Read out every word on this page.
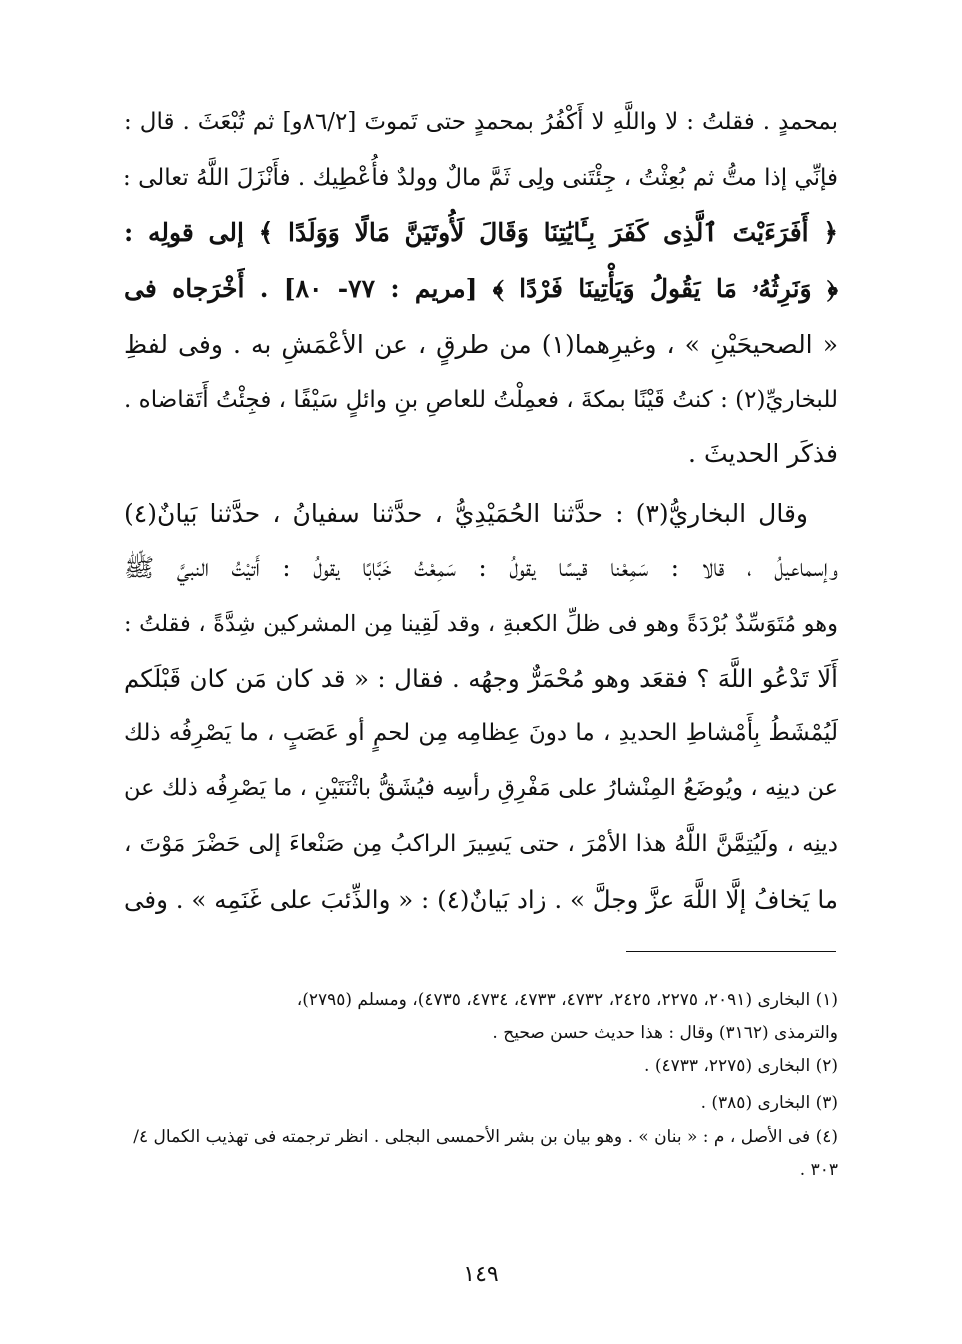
بمحمدٍ . فقلتُ : لا واللَّهِ لا أَكْفُرُ بمحمدٍ حتى تَموتَ [٨٦/٢و] ثم تُبْعَثَ . قال :
فإنِّي إذا متُّ ثم بُعِثْتُ ، جِئْتَنى ولِى ثَمَّ مالٌ وولدٌ فأُعْطِيك . فأَنْزَلَ اللَّهُ تعالى :
﴿ أَفَرَءَيْتَ ٱلَّذِى كَفَرَ بِـَٔايَٰتِنَا وَقَالَ لَأُوتَيَنَّ مَالًا وَوَلَدًا ﴾ إلى قولِه :
﴿ وَنَرِثُهُۥ مَا يَقُولُ وَيَأْتِينَا فَرْدًا ﴾ [مريم : ٧٧- ٨٠] . أَخْرَجاه فى
« الصحيحَيْنِ » ، وغيرِهما(١) من طرقٍ ، عن الأعْمَشِ به . وفى لفظِ
للبخاريِّ(٢) : كنتُ قَيْنًا بمكةَ ، فعمِلْتُ للعاصِ بنِ وائلٍ سَيْفًا ، فجِئْتُ أَتَقاضاه .
فذكَر الحديثَ .
وقال البخاريُّ(٣) : حدَّثنا الحُمَيْدِيُّ ، حدَّثنا سفيانُ ، حدَّثنا بَيانٌ(٤)
وإسماعيلُ ، قالا : سَمِعْنا قيسًا يقولُ : سَمِعْتُ خَبَّابًا يقولُ : أَتيْتُ النبيَّ ﷺ
وهو مُتَوَسِّدٌ بُرْدَةً وهو فى ظلِّ الكعبةِ ، وقد لَقِينا مِن المشركين شِدَّةً ، فقلتُ :
أَلَا تَدْعُو اللَّهَ ؟ فقعَد وهو مُحْمَرٌّ وجهُه . فقال : « قد كان مَن كان قَبْلَكم
لَيُمْشَطُ بِأَمْشاطِ الحديدِ ، ما دونَ عِظامِه مِن لحمٍ أو عَصَبٍ ، ما يَصْرِفُه ذلك
عن دينِه ، ويُوضَعُ المِنْشارُ على مَفْرِقِ رأسِه فيُشَقُّ باثْنَتَيْنِ ، ما يَصْرِفُه ذلك عن
دينِه ، ولَيُتِمَّنَّ اللَّهُ هذا الأمْرَ ، حتى يَسِيرَ الراكبُ مِن صَنْعاءَ إلى حَضْرَ مَوْتَ ،
ما يَخافُ إلَّا اللَّهَ عزَّ وجلَّ » . زاد بَيانٌ(٤) : « والذِّئبَ على غَنَمِه » . وفى
(١) البخارى (٢٠٩١، ٢٢٧٥، ٢٤٢٥، ٤٧٣٢، ٤٧٣٣، ٤٧٣٤، ٤٧٣٥)، ومسلم (٢٧٩٥)،
والترمذى (٣١٦٢) وقال : هذا حديث حسن صحيح .
(٢) البخارى (٢٢٧٥، ٤٧٣٣) .
(٣) البخارى (٣٨٥) .
(٤) فى الأصل ، م : « بنان » . وهو بيان بن بشر الأحمسى البجلى . انظر ترجمته فى تهذيب الكمال ٤/
٣٠٣ .
١٤٩
